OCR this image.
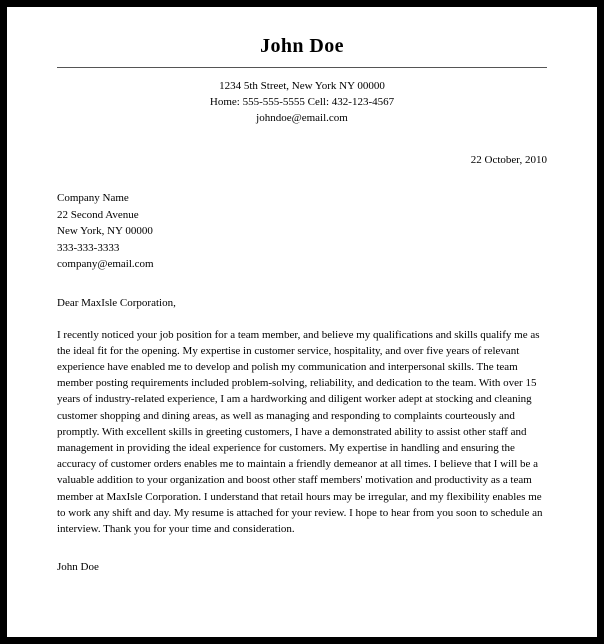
John Doe
1234 5th Street, New York NY 00000
Home: 555-555-5555 Cell: 432-123-4567
johndoe@email.com
22 October, 2010
Company Name
22 Second Avenue
New York, NY 00000
333-333-3333
company@email.com
Dear MaxIsle Corporation,
I recently noticed your job position for a team member, and believe my qualifications and skills qualify me as the ideal fit for the opening. My expertise in customer service, hospitality, and over five years of relevant experience have enabled me to develop and polish my communication and interpersonal skills. The team member posting requirements included problem-solving, reliability, and dedication to the team. With over 15 years of industry-related experience, I am a hardworking and diligent worker adept at stocking and cleaning customer shopping and dining areas, as well as managing and responding to complaints courteously and promptly. With excellent skills in greeting customers, I have a demonstrated ability to assist other staff and management in providing the ideal experience for customers. My expertise in handling and ensuring the accuracy of customer orders enables me to maintain a friendly demeanor at all times. I believe that I will be a valuable addition to your organization and boost other staff members' motivation and productivity as a team member at MaxIsle Corporation. I understand that retail hours may be irregular, and my flexibility enables me to work any shift and day. My resume is attached for your review. I hope to hear from you soon to schedule an interview. Thank you for your time and consideration.
John Doe
